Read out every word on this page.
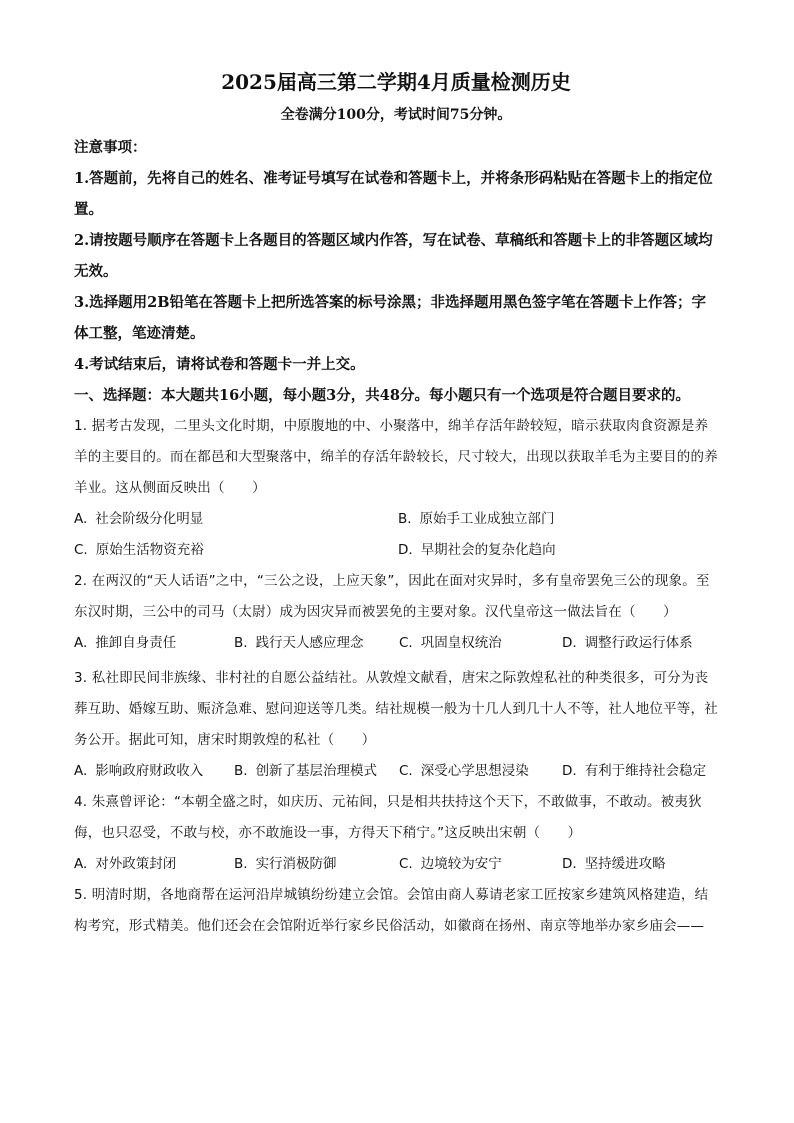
2025届高三第二学期4月质量检测历史

全卷满分100分，考试时间75分钟。

注意事项：

1.答题前，先将自己的姓名、准考证号填写在试卷和答题卡上，并将条形码粘贴在答题卡上的指定位置。

2.请按题号顺序在答题卡上各题目的答题区域内作答，写在试卷、草稿纸和答题卡上的非答题区域均无效。

3.选择题用2B铅笔在答题卡上把所选答案的标号涂黑；非选择题用黑色签字笔在答题卡上作答；字体工整，笔迹清楚。

4.考试结束后，请将试卷和答题卡一并上交。

一、选择题：本大题共16小题，每小题3分，共48分。每小题只有一个选项是符合题目要求的。

1. 据考古发现，二里头文化时期，中原腹地的中、小聚落中，绵羊存活年龄较短，暗示获取肉食资源是养羊的主要目的。而在都邑和大型聚落中，绵羊的存活年龄较长，尺寸较大，出现以获取羊毛为主要目的的养羊业。这从侧面反映出（　　）

A. 社会阶级分化明显	B. 原始手工业成独立部门
C. 原始生活物资充裕	D. 早期社会的复杂化趋向

2. 在两汉的“天人话语”之中，“三公之设，上应天象”，因此在面对灾异时，多有皇帝罢免三公的现象。至东汉时期，三公中的司马（太尉）成为因灾异而被罢免的主要对象。汉代皇帝这一做法旨在（　　）

A. 推卸自身责任	B. 践行天人感应理念	C. 巩固皇权统治	D. 调整行政运行体系

3. 私社即民间非族缘、非村社的自愿公益结社。从敦煌文献看，唐宋之际敦煌私社的种类很多，可分为丧葬互助、婚嫁互助、赈济急难、慰问迎送等几类。结社规模一般为十几人到几十人不等，社人地位平等，社务公开。据此可知，唐宋时期敦煌的私社（　　）

A. 影响政府财政收入	B. 创新了基层治理模式	C. 深受心学思想浸染	D. 有利于维持社会稳定

4. 朱熹曾评论：“本朝全盛之时，如庆历、元祐间，只是相共扶持这个天下，不敢做事，不敢动。被夷狄侮，也只忍受，不敢与校，亦不敢施设一事，方得天下稍宁。”这反映出宋朝（　　）

A. 对外政策封闭	B. 实行消极防御	C. 边境较为安宁	D. 坚持缓进攻略

5. 明清时期，各地商帮在运河沿岸城镇纷纷建立会馆。会馆由商人募请老家工匠按家乡建筑风格建造，结构考究，形式精美。他们还会在会馆附近举行家乡民俗活动，如徽商在扬州、南京等地举办家乡庙会——
